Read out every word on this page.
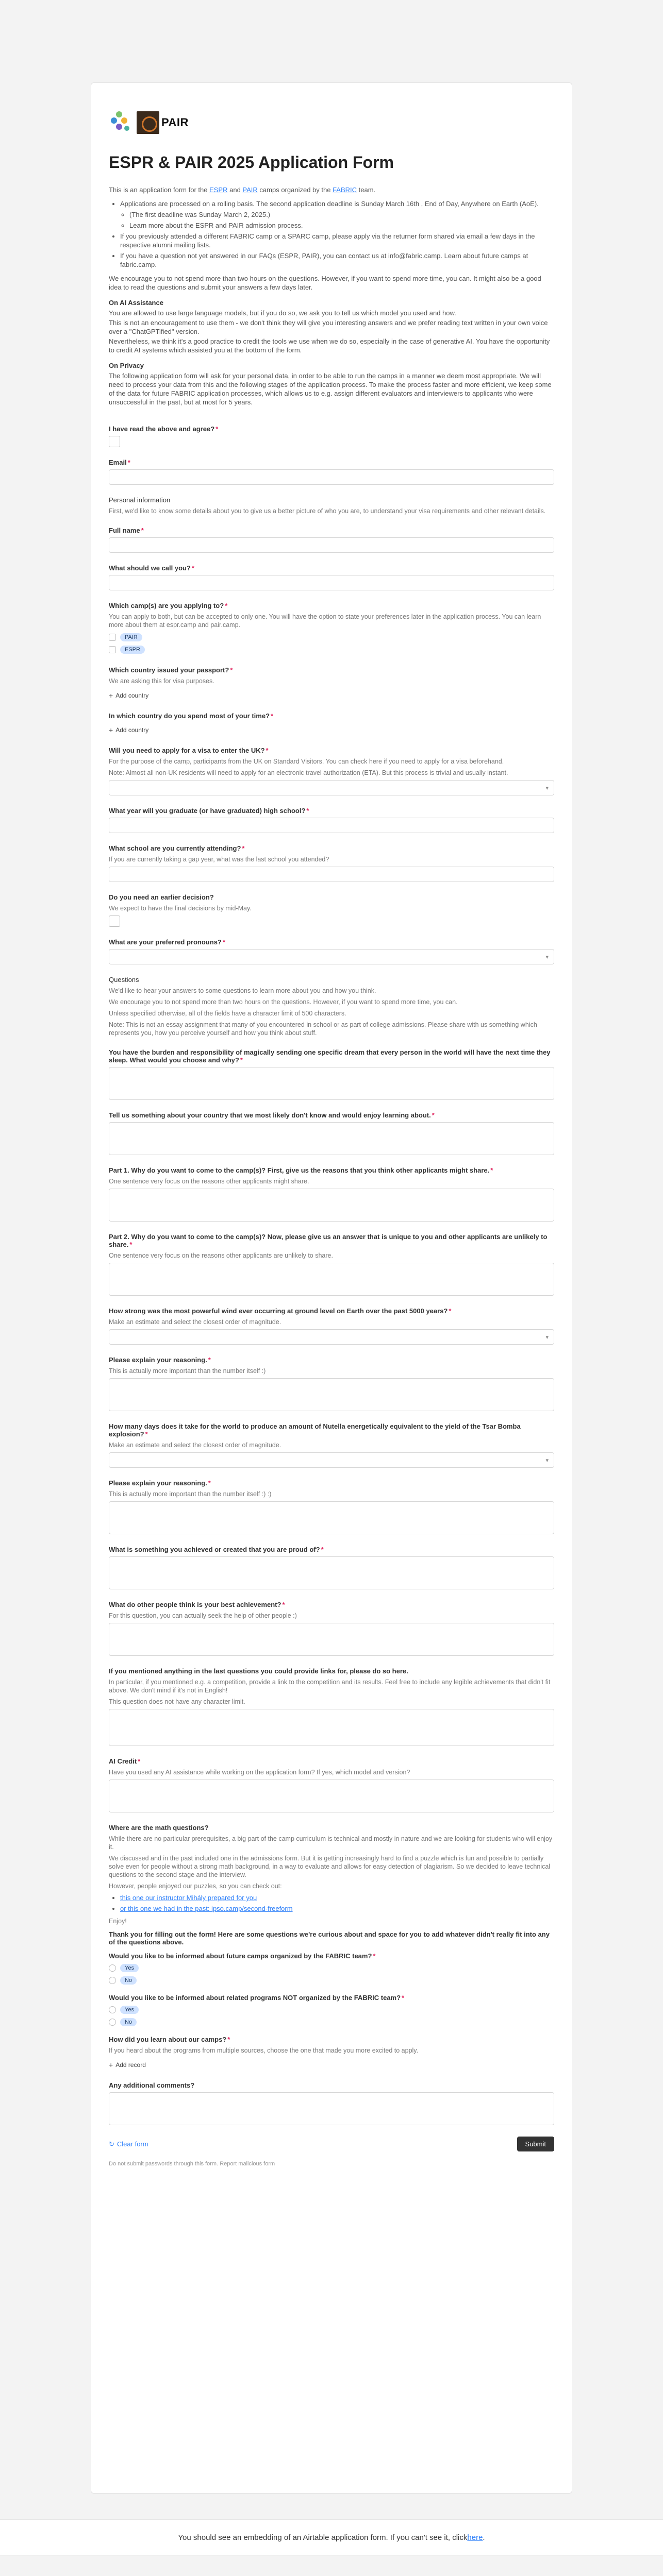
PAIR
ESPR & PAIR 2025 Application Form

This is an application form for the ESPR and PAIR camps organized by the FABRIC team.

• Applications are processed on a rolling basis. The second application deadline is Sunday March 16th , End of Day, Anywhere on Earth (AoE).
◦ (The first deadline was Sunday March 2, 2025.)
◦ Learn more about the ESPR and PAIR admission process.
• If you previously attended a different FABRIC camp or a SPARC camp, please apply via the returner form shared via email a few days in the respective alumni mailing lists.
• If you have a question not yet answered in our FAQs (ESPR, PAIR), you can contact us at info@fabric.camp. Learn about future camps at fabric.camp.

We encourage you to not spend more than two hours on the questions. However, if you want to spend more time, you can. It might also be a good idea to read the questions and submit your answers a few days later.

On AI Assistance

You are allowed to use large language models, but if you do so, we ask you to tell us which model you used and how.

This is not an encouragement to use them - we don't think they will give you interesting answers and we prefer reading text written in your own voice over a "ChatGPTified" version.

Nevertheless, we think it's a good practice to credit the tools we use when we do so, especially in the case of generative AI. You have the opportunity to credit AI systems which assisted you at the bottom of the form.

On Privacy

The following application form will ask for your personal data, in order to be able to run the camps in a manner we deem most appropriate. We will need to process your data from this and the following stages of the application process. To make the process faster and more efficient, we keep some of the data for future FABRIC application processes, which allows us to e.g. assign different evaluators and interviewers to applicants who were unsuccessful in the past, but at most for 5 years.

I have read the above and agree? *
Email *
Personal information
First, we'd like to know some details about you to give us a better picture of who you are, to understand your visa requirements and other relevant details.
Full name *
What should we call you? *
Which camp(s) are you applying to? *
You can apply to both, but can be accepted to only one. You will have the option to state your preferences later in the application process. You can learn more about them at espr.camp and pair.camp.
PAIR
ESPR
Which country issued your passport? *
We are asking this for visa purposes.
+ Add country
In which country do you spend most of your time? *
+ Add country
Will you need to apply for a visa to enter the UK? *
For the purpose of the camp, participants from the UK on Standard Visitors. You can check here if you need to apply for a visa beforehand.
Note: Almost all non-UK residents will need to apply for an electronic travel authorization (ETA). But this process is trivial and usually instant.
▾
What year will you graduate (or have graduated) high school? *
What school are you currently attending? *
If you are currently taking a gap year, what was the last school you attended?
Do you need an earlier decision?
We expect to have the final decisions by mid-May.
What are your preferred pronouns? *
▾
Questions
We'd like to hear your answers to some questions to learn more about you and how you think.
We encourage you to not spend more than two hours on the questions. However, if you want to spend more time, you can.
Unless specified otherwise, all of the fields have a character limit of 500 characters.
Note: This is not an essay assignment that many of you encountered in school or as part of college admissions. Please share with us something which represents you, how you perceive yourself and how you think about stuff.
You have the burden and responsibility of magically sending one specific dream that every person in the world will have the next time they sleep. What would you choose and why? *
Tell us something about your country that we most likely don't know and would enjoy learning about. *
Part 1. Why do you want to come to the camp(s)? First, give us the reasons that you think other applicants might share. *
One sentence very focus on the reasons other applicants might share.
Part 2. Why do you want to come to the camp(s)? Now, please give us an answer that is unique to you and other applicants are unlikely to share. *
One sentence very focus on the reasons other applicants are unlikely to share.
How strong was the most powerful wind ever occurring at ground level on Earth over the past 5000 years? *
Make an estimate and select the closest order of magnitude.
▾
Please explain your reasoning. *
This is actually more important than the number itself :)
How many days does it take for the world to produce an amount of Nutella energetically equivalent to the yield of the Tsar Bomba explosion? *
Make an estimate and select the closest order of magnitude.
▾
Please explain your reasoning. *
This is actually more important than the number itself :) :)
What is something you achieved or created that you are proud of? *
What do other people think is your best achievement? *
For this question, you can actually seek the help of other people :)
If you mentioned anything in the last questions you could provide links for, please do so here.
In particular, if you mentioned e.g. a competition, provide a link to the competition and its results. Feel free to include any legible achievements that didn't fit above. We don't mind if it's not in English!
This question does not have any character limit.
AI Credit *
Have you used any AI assistance while working on the application form? If yes, which model and version?
Where are the math questions?
While there are no particular prerequisites, a big part of the camp curriculum is technical and mostly in nature and we are looking for students who will enjoy it.
We discussed and in the past included one in the admissions form. But it is getting increasingly hard to find a puzzle which is fun and possible to partially solve even for people without a strong math background, in a way to evaluate and allows for easy detection of plagiarism. So we decided to leave technical questions to the second stage and the interview.
However, people enjoyed our puzzles, so you can check out:
• this one our instructor Mihály prepared for you
• or this one we had in the past: ipso.camp/second-freeform
Enjoy!
Thank you for filling out the form! Here are some questions we're curious about and space for you to add whatever didn't really fit into any of the questions above.
Would you like to be informed about future camps organized by the FABRIC team? *
Yes
No
Would you like to be informed about related programs NOT organized by the FABRIC team? *
Yes
No
How did you learn about our camps? *
If you heard about the programs from multiple sources, choose the one that made you more excited to apply.
+ Add record
Any additional comments?
↻ Clear form	Submit
Do not submit passwords through this form. Report malicious form
You should see an embedding of an Airtable application form. If you can't see it, click here .
